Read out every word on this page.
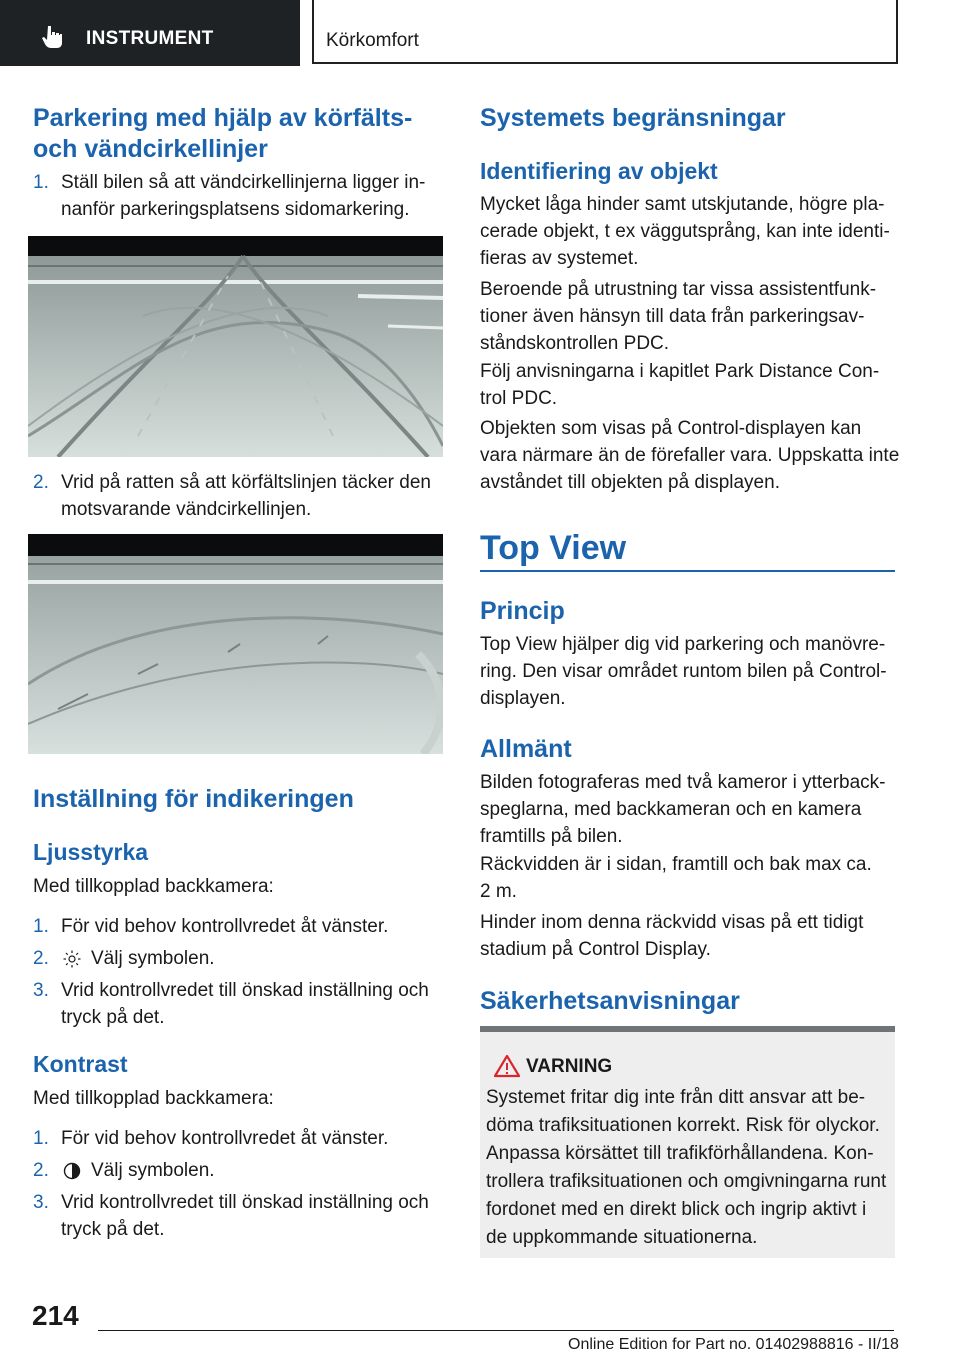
INSTRUMENT	Körkomfort
Parkering med hjälp av körfälts-
och vändcirkellinjer
1. Ställ bilen så att vändcirkellinjerna ligger in-
nanför parkeringsplatsens sidomarkering.
2. Vrid på ratten så att körfältslinjen täcker den
motsvarande vändcirkellinjen.
Inställning för indikeringen
Ljusstyrka
Med tillkopplad backkamera:
1. För vid behov kontrollvredet åt vänster.
2.	Välj symbolen.
3. Vrid kontrollvredet till önskad inställning och
tryck på det.
Kontrast
Med tillkopplad backkamera:
1. För vid behov kontrollvredet åt vänster.
2.	Välj symbolen.
3. Vrid kontrollvredet till önskad inställning och
tryck på det.
Systemets begränsningar
Identifiering av objekt
Mycket låga hinder samt utskjutande, högre pla-
cerade objekt, t ex väggutsprång, kan inte identi-
fieras av systemet.
Beroende på utrustning tar vissa assistentfunk-
tioner även hänsyn till data från parkeringsav-
ståndskontrollen PDC.
Följ anvisningarna i kapitlet Park Distance Con-
trol PDC.
Objekten som visas på Control-displayen kan
vara närmare än de förefaller vara. Uppskatta inte
avståndet till objekten på displayen.
Top View
Princip
Top View hjälper dig vid parkering och manövre-
ring. Den visar området runtom bilen på Control-
displayen.
Allmänt
Bilden fotograferas med två kameror i ytterback-
speglarna, med backkameran och en kamera
framtills på bilen.
Räckvidden är i sidan, framtill och bak max ca.
2 m.
Hinder inom denna räckvidd visas på ett tidigt
stadium på Control Display.
Säkerhetsanvisningar
VARNING
Systemet fritar dig inte från ditt ansvar att be-
döma trafiksituationen korrekt. Risk för olyckor.
Anpassa körsättet till trafikförhållandena. Kon-
trollera trafiksituationen och omgivningarna runt
fordonet med en direkt blick och ingrip aktivt i
de uppkommande situationerna.
214
Online Edition for Part no. 01402988816 - II/18
